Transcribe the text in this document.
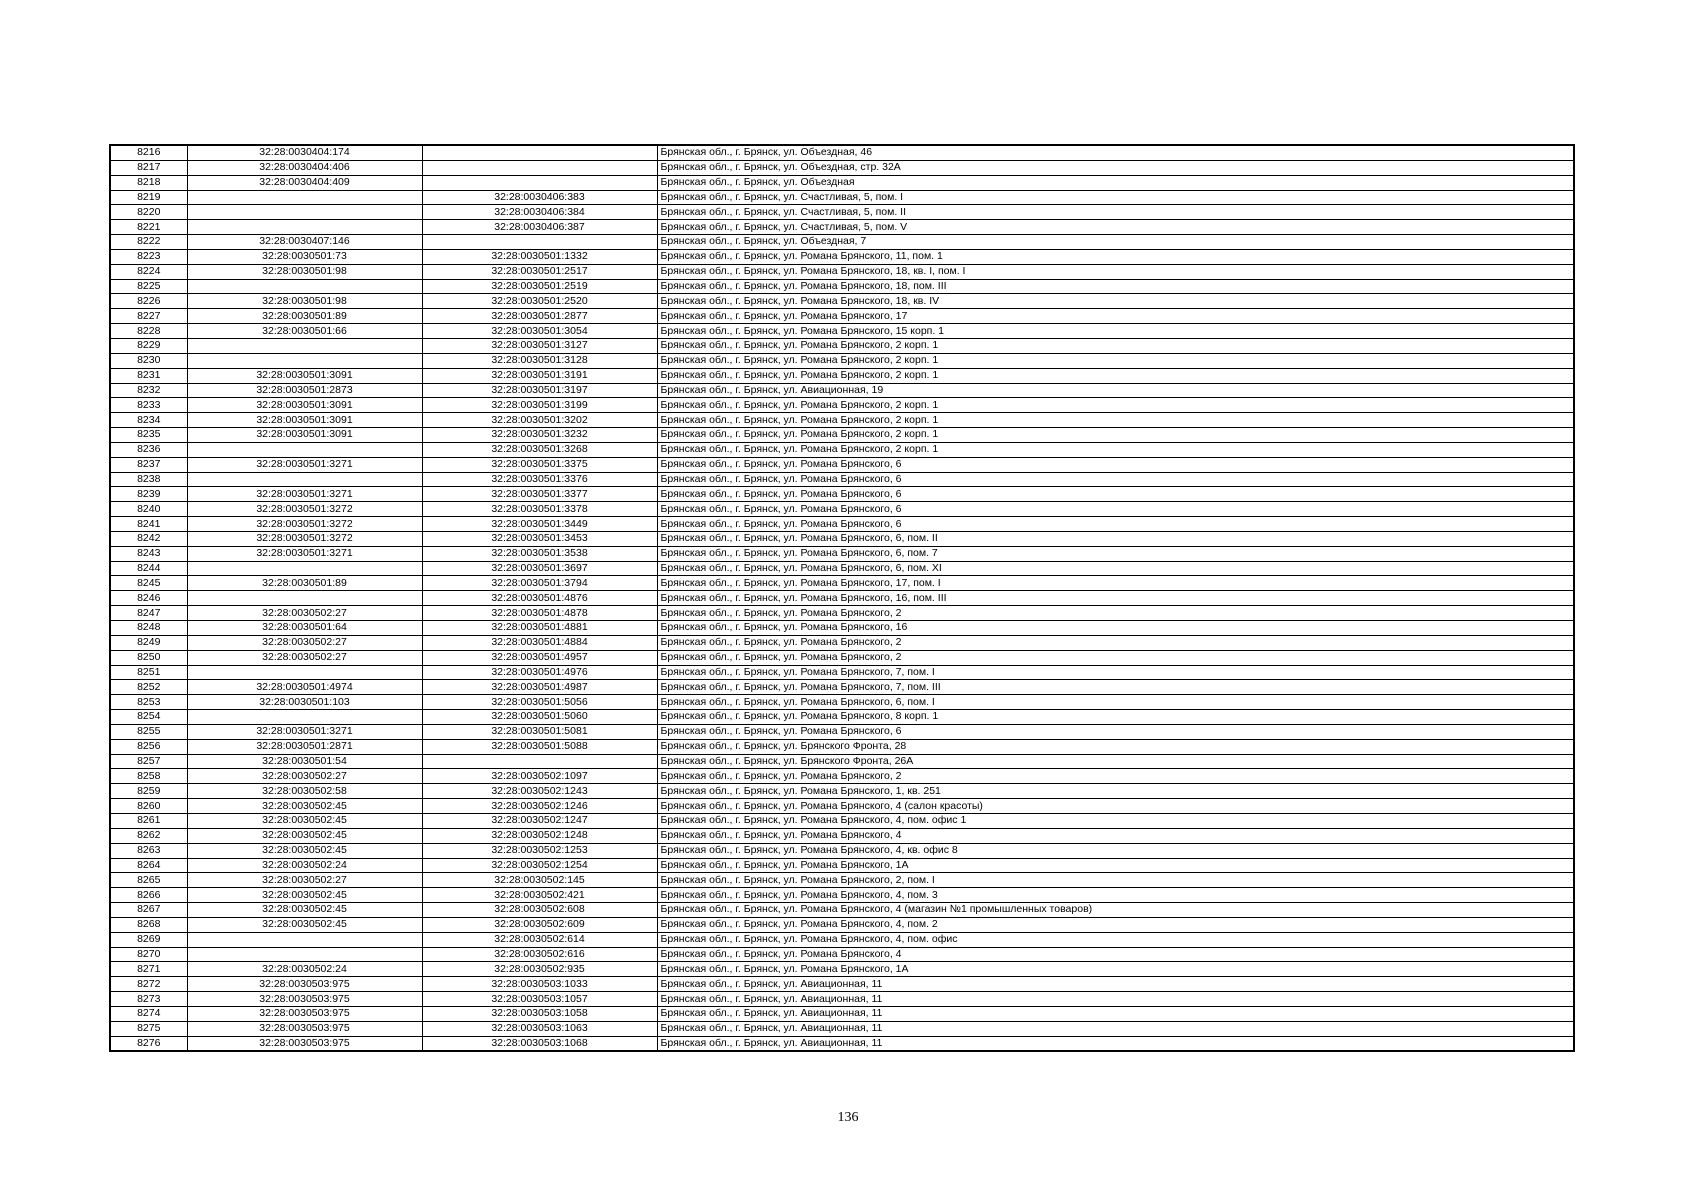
8216	32:28:0030404:174		Брянская обл., г. Брянск, ул. Объездная, 46
8217	32:28:0030404:406		Брянская обл., г. Брянск, ул. Объездная, стр. 32А
8218	32:28:0030404:409		Брянская обл., г. Брянск, ул. Объездная
8219		32:28:0030406:383	Брянская обл., г. Брянск, ул. Счастливая, 5, пом. I
8220		32:28:0030406:384	Брянская обл., г. Брянск, ул. Счастливая, 5, пом. II
8221		32:28:0030406:387	Брянская обл., г. Брянск, ул. Счастливая, 5, пом. V
8222	32:28:0030407:146		Брянская обл., г. Брянск, ул. Объездная, 7
8223	32:28:0030501:73	32:28:0030501:1332	Брянская обл., г. Брянск, ул. Романа Брянского, 11, пом. 1
8224	32:28:0030501:98	32:28:0030501:2517	Брянская обл., г. Брянск, ул. Романа Брянского, 18, кв. I, пом. I
8225		32:28:0030501:2519	Брянская обл., г. Брянск, ул. Романа Брянского, 18, пом. III
8226	32:28:0030501:98	32:28:0030501:2520	Брянская обл., г. Брянск, ул. Романа Брянского, 18, кв. IV
8227	32:28:0030501:89	32:28:0030501:2877	Брянская обл., г. Брянск, ул. Романа Брянского, 17
8228	32:28:0030501:66	32:28:0030501:3054	Брянская обл., г. Брянск, ул. Романа Брянского, 15 корп. 1
8229		32:28:0030501:3127	Брянская обл., г. Брянск, ул. Романа Брянского, 2 корп. 1
8230		32:28:0030501:3128	Брянская обл., г. Брянск, ул. Романа Брянского, 2 корп. 1
8231	32:28:0030501:3091	32:28:0030501:3191	Брянская обл., г. Брянск, ул. Романа Брянского, 2 корп. 1
8232	32:28:0030501:2873	32:28:0030501:3197	Брянская обл., г. Брянск, ул. Авиационная, 19
8233	32:28:0030501:3091	32:28:0030501:3199	Брянская обл., г. Брянск, ул. Романа Брянского, 2 корп. 1
8234	32:28:0030501:3091	32:28:0030501:3202	Брянская обл., г. Брянск, ул. Романа Брянского, 2 корп. 1
8235	32:28:0030501:3091	32:28:0030501:3232	Брянская обл., г. Брянск, ул. Романа Брянского, 2 корп. 1
8236		32:28:0030501:3268	Брянская обл., г. Брянск, ул. Романа Брянского, 2 корп. 1
8237	32:28:0030501:3271	32:28:0030501:3375	Брянская обл., г. Брянск, ул. Романа Брянского, 6
8238		32:28:0030501:3376	Брянская обл., г. Брянск, ул. Романа Брянского, 6
8239	32:28:0030501:3271	32:28:0030501:3377	Брянская обл., г. Брянск, ул. Романа Брянского, 6
8240	32:28:0030501:3272	32:28:0030501:3378	Брянская обл., г. Брянск, ул. Романа Брянского, 6
8241	32:28:0030501:3272	32:28:0030501:3449	Брянская обл., г. Брянск, ул. Романа Брянского, 6
8242	32:28:0030501:3272	32:28:0030501:3453	Брянская обл., г. Брянск, ул. Романа Брянского, 6, пом. II
8243	32:28:0030501:3271	32:28:0030501:3538	Брянская обл., г. Брянск, ул. Романа Брянского, 6, пом. 7
8244		32:28:0030501:3697	Брянская обл., г. Брянск, ул. Романа Брянского, 6, пом. XI
8245	32:28:0030501:89	32:28:0030501:3794	Брянская обл., г. Брянск, ул. Романа Брянского, 17, пом. I
8246		32:28:0030501:4876	Брянская обл., г. Брянск, ул. Романа Брянского, 16, пом. III
8247	32:28:0030502:27	32:28:0030501:4878	Брянская обл., г. Брянск, ул. Романа Брянского, 2
8248	32:28:0030501:64	32:28:0030501:4881	Брянская обл., г. Брянск, ул. Романа Брянского, 16
8249	32:28:0030502:27	32:28:0030501:4884	Брянская обл., г. Брянск, ул. Романа Брянского, 2
8250	32:28:0030502:27	32:28:0030501:4957	Брянская обл., г. Брянск, ул. Романа Брянского, 2
8251		32:28:0030501:4976	Брянская обл., г. Брянск, ул. Романа Брянского, 7, пом. I
8252	32:28:0030501:4974	32:28:0030501:4987	Брянская обл., г. Брянск, ул. Романа Брянского, 7, пом. III
8253	32:28:0030501:103	32:28:0030501:5056	Брянская обл., г. Брянск, ул. Романа Брянского, 6, пом. I
8254		32:28:0030501:5060	Брянская обл., г. Брянск, ул. Романа Брянского, 8 корп. 1
8255	32:28:0030501:3271	32:28:0030501:5081	Брянская обл., г. Брянск, ул. Романа Брянского, 6
8256	32:28:0030501:2871	32:28:0030501:5088	Брянская обл., г. Брянск, ул. Брянского Фронта, 28
8257	32:28:0030501:54		Брянская обл., г. Брянск, ул. Брянского Фронта, 26А
8258	32:28:0030502:27	32:28:0030502:1097	Брянская обл., г. Брянск, ул. Романа Брянского, 2
8259	32:28:0030502:58	32:28:0030502:1243	Брянская обл., г. Брянск, ул. Романа Брянского, 1, кв. 251
8260	32:28:0030502:45	32:28:0030502:1246	Брянская обл., г. Брянск, ул. Романа Брянского, 4 (салон красоты)
8261	32:28:0030502:45	32:28:0030502:1247	Брянская обл., г. Брянск, ул. Романа Брянского, 4, пом. офис 1
8262	32:28:0030502:45	32:28:0030502:1248	Брянская обл., г. Брянск, ул. Романа Брянского, 4
8263	32:28:0030502:45	32:28:0030502:1253	Брянская обл., г. Брянск, ул. Романа Брянского, 4, кв. офис 8
8264	32:28:0030502:24	32:28:0030502:1254	Брянская обл., г. Брянск, ул. Романа Брянского, 1А
8265	32:28:0030502:27	32:28:0030502:145	Брянская обл., г. Брянск, ул. Романа Брянского, 2, пом. I
8266	32:28:0030502:45	32:28:0030502:421	Брянская обл., г. Брянск, ул. Романа Брянского, 4, пом. 3
8267	32:28:0030502:45	32:28:0030502:608	Брянская обл., г. Брянск, ул. Романа Брянского, 4 (магазин №1 промышленных товаров)
8268	32:28:0030502:45	32:28:0030502:609	Брянская обл., г. Брянск, ул. Романа Брянского, 4, пом. 2
8269		32:28:0030502:614	Брянская обл., г. Брянск, ул. Романа Брянского, 4, пом. офис
8270		32:28:0030502:616	Брянская обл., г. Брянск, ул. Романа Брянского, 4
8271	32:28:0030502:24	32:28:0030502:935	Брянская обл., г. Брянск, ул. Романа Брянского, 1А
8272	32:28:0030503:975	32:28:0030503:1033	Брянская обл., г. Брянск, ул. Авиационная, 11
8273	32:28:0030503:975	32:28:0030503:1057	Брянская обл., г. Брянск, ул. Авиационная, 11
8274	32:28:0030503:975	32:28:0030503:1058	Брянская обл., г. Брянск, ул. Авиационная, 11
8275	32:28:0030503:975	32:28:0030503:1063	Брянская обл., г. Брянск, ул. Авиационная, 11
8276	32:28:0030503:975	32:28:0030503:1068	Брянская обл., г. Брянск, ул. Авиационная, 11
136
